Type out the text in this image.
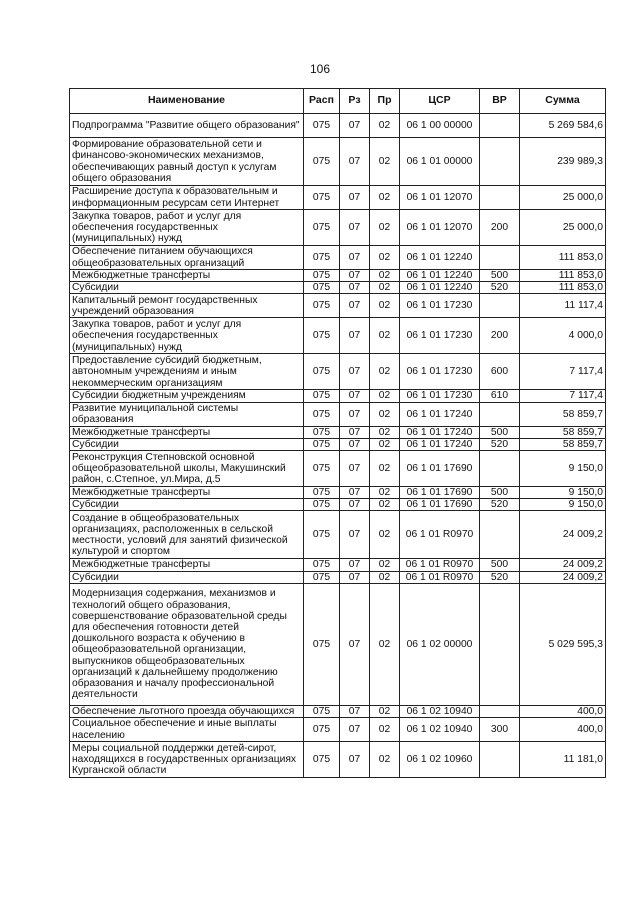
106
Наименование	Расп	Рз	Пр	ЦСР	ВР	Сумма
Подпрограмма "Развитие общего образования"	075	07	02	06 1 00 00000		5 269 584,6
Формирование образовательной сети и финансово-экономических механизмов, обеспечивающих равный доступ к услугам общего образования	075	07	02	06 1 01 00000		239 989,3
Расширение доступа к образовательным и информационным ресурсам сети Интернет	075	07	02	06 1 01 12070		25 000,0
Закупка товаров, работ и услуг для обеспечения государственных (муниципальных) нужд	075	07	02	06 1 01 12070	200	25 000,0
Обеспечение питанием обучающихся общеобразовательных организаций	075	07	02	06 1 01 12240		111 853,0
Межбюджетные трансферты	075	07	02	06 1 01 12240	500	111 853,0
Субсидии	075	07	02	06 1 01 12240	520	111 853,0
Капитальный ремонт государственных учреждений образования	075	07	02	06 1 01 17230		11 117,4
Закупка товаров, работ и услуг для обеспечения государственных (муниципальных) нужд	075	07	02	06 1 01 17230	200	4 000,0
Предоставление субсидий бюджетным, автономным учреждениям и иным некоммерческим организациям	075	07	02	06 1 01 17230	600	7 117,4
Субсидии бюджетным учреждениям	075	07	02	06 1 01 17230	610	7 117,4
Развитие муниципальной системы образования	075	07	02	06 1 01 17240		58 859,7
Межбюджетные трансферты	075	07	02	06 1 01 17240	500	58 859,7
Субсидии	075	07	02	06 1 01 17240	520	58 859,7
Реконструкция Степновской основной общеобразовательной школы, Макушинский район, с.Степное, ул.Мира, д.5	075	07	02	06 1 01 17690		9 150,0
Межбюджетные трансферты	075	07	02	06 1 01 17690	500	9 150,0
Субсидии	075	07	02	06 1 01 17690	520	9 150,0
Создание в общеобразовательных организациях, расположенных в сельской местности, условий для занятий физической культурой и спортом	075	07	02	06 1 01 R0970		24 009,2
Межбюджетные трансферты	075	07	02	06 1 01 R0970	500	24 009,2
Субсидии	075	07	02	06 1 01 R0970	520	24 009,2
Модернизация содержания, механизмов и технологий общего образования, совершенствование образовательной среды для обеспечения готовности детей дошкольного возраста к обучению в общеобразовательной организации, выпускников общеобразовательных организаций к дальнейшему продолжению образования и началу профессиональной деятельности	075	07	02	06 1 02 00000		5 029 595,3
Обеспечение льготного проезда обучающихся	075	07	02	06 1 02 10940		400,0
Социальное обеспечение и иные выплаты населению	075	07	02	06 1 02 10940	300	400,0
Меры социальной поддержки детей-сирот, находящихся в государственных организациях Курганской области	075	07	02	06 1 02 10960		11 181,0
